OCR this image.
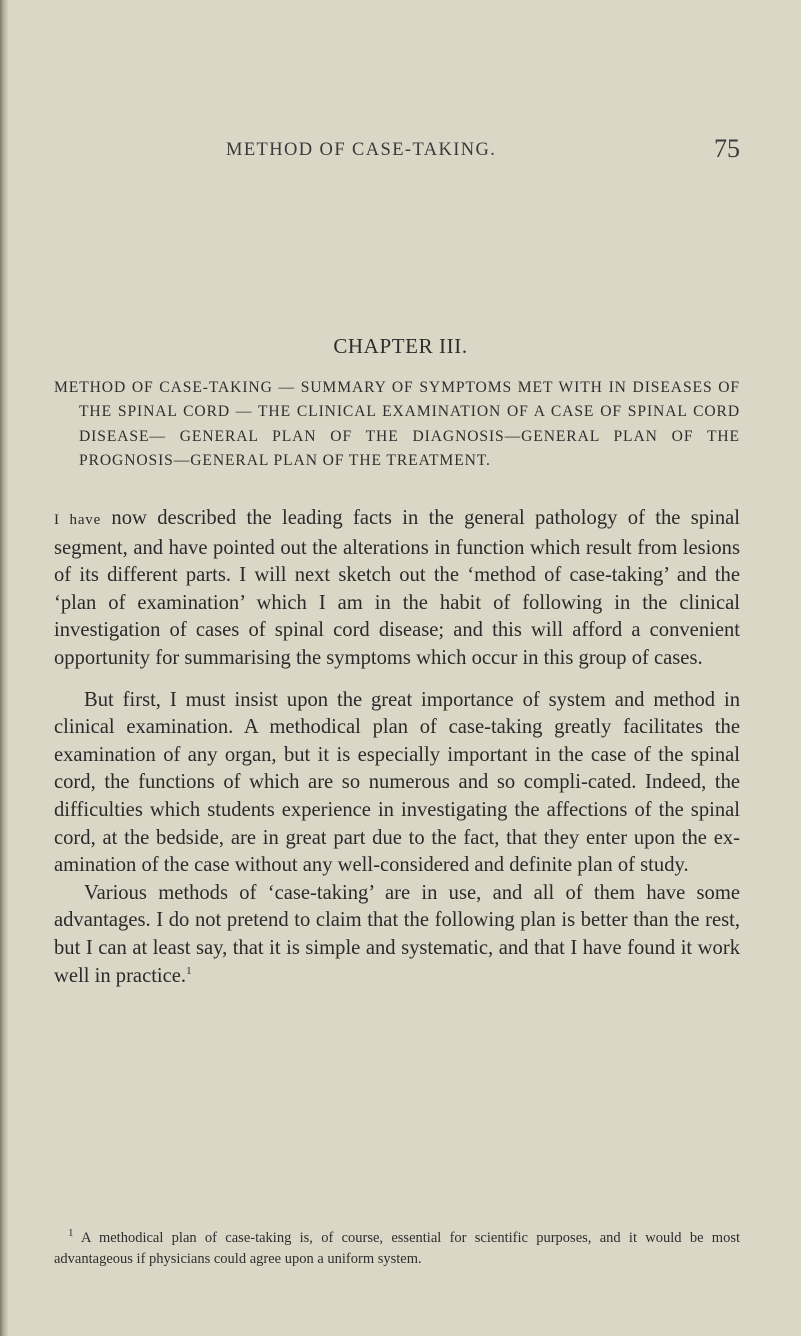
METHOD OF CASE-TAKING.	75
CHAPTER III.
METHOD OF CASE-TAKING — SUMMARY OF SYMPTOMS MET WITH IN DISEASES OF THE SPINAL CORD — THE CLINICAL EXAMINATION OF A CASE OF SPINAL CORD DISEASE— GENERAL PLAN OF THE DIAGNOSIS—GENERAL PLAN OF THE PROGNOSIS—GENERAL PLAN OF THE TREATMENT.

I have now described the leading facts in the general pathology of the spinal segment, and have pointed out the alterations in function which result from lesions of its different parts. I will next sketch out the ‘method of case-taking’ and the ‘plan of examination’ which I am in the habit of following in the clinical investigation of cases of spinal cord disease; and this will afford a convenient opportunity for summarising the symptoms which occur in this group of cases.

But first, I must insist upon the great importance of system and method in clinical examination. A methodical plan of case-taking greatly facilitates the examination of any organ, but it is especially important in the case of the spinal cord, the functions of which are so numerous and so compli-cated. Indeed, the difficulties which students experience in investigating the affections of the spinal cord, at the bedside, are in great part due to the fact, that they enter upon the ex-amination of the case without any well-considered and definite plan of study.

Various methods of ‘case-taking’ are in use, and all of them have some advantages. I do not pretend to claim that the following plan is better than the rest, but I can at least say, that it is simple and systematic, and that I have found it work well in practice.$^1$

$^1$ A methodical plan of case-taking is, of course, essential for scientific purposes, and it would be most advantageous if physicians could agree upon a uniform system.
